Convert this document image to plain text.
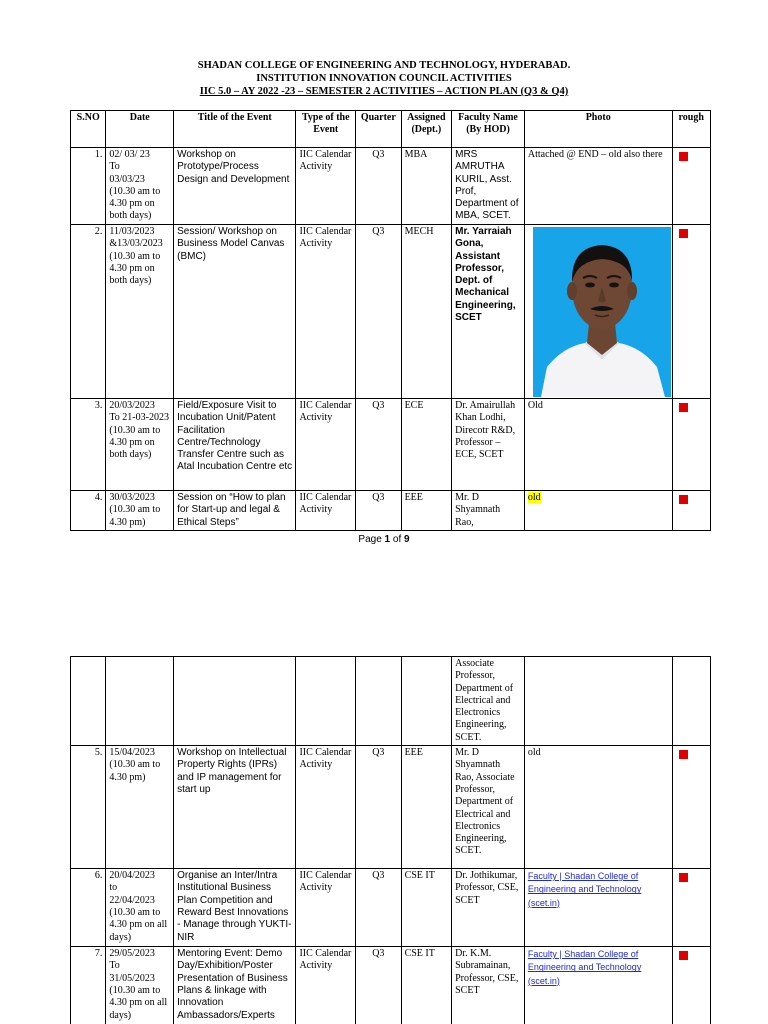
SHADAN COLLEGE OF ENGINEERING AND TECHNOLOGY, HYDERABAD.
INSTITUTION INNOVATION COUNCIL ACTIVITIES
IIC 5.0 – AY 2022 -23 – SEMESTER 2 ACTIVITIES – ACTION PLAN (Q3 & Q4)
S.NO	Date	Title of the Event	Type of the Event	Quarter	Assigned (Dept.)	Faculty Name (By HOD)	Photo	rough
1.	02/ 03/ 23
To
03/03/23
(10.30 am to 4.30 pm on both days)	Workshop on Prototype/Process Design and Development	IIC Calendar Activity	Q3	MBA	MRS AMRUTHA KURIL, Asst. Prof, Department of MBA, SCET.	Attached @ END – old also there	
2.	11/03/2023 &13/03/2023
(10.30 am to 4.30 pm on both days)	Session/ Workshop on Business Model Canvas (BMC)	IIC Calendar Activity	Q3	MECH	Mr. Yarraiah Gona, Assistant Professor, Dept. of Mechanical Engineering, SCET	

3.	20/03/2023
To 21-03-2023
(10.30 am to 4.30 pm on both days)	Field/Exposure Visit to Incubation Unit/Patent Facilitation Centre/Technology Transfer Centre such as Atal Incubation Centre etc	IIC Calendar Activity	Q3	ECE	Dr. Amairullah Khan Lodhi, Direcotr R&D, Professor – ECE, SCET	Old	
4.	30/03/2023
(10.30 am to 4.30 pm)	Session on “How to plan for Start-up and legal & Ethical Steps”	IIC Calendar Activity	Q3	EEE	Mr. D Shyamnath Rao,	old	
Page 1 of 9
						Associate Professor, Department of Electrical and Electronics Engineering, SCET.		
5.	15/04/2023
(10.30 am to 4.30 pm)	Workshop on Intellectual Property Rights (IPRs) and IP management for start up	IIC Calendar Activity	Q3	EEE	Mr. D Shyamnath Rao, Associate Professor, Department of Electrical and Electronics Engineering, SCET.	old	
6.	20/04/2023
to
22/04/2023
(10.30 am to 4.30 pm on all days)	Organise an Inter/Intra Institutional Business Plan Competition and Reward Best Innovations - Manage through YUKTI-NIR	IIC Calendar Activity	Q3	CSE IT	Dr. Jothikumar, Professor, CSE, SCET	Faculty | Shadan College of Engineering and Technology (scet.in)	
7.	29/05/2023
To
31/05/2023
(10.30 am to 4.30 pm on all days)	Mentoring Event: Demo Day/Exhibition/Poster Presentation of Business Plans & linkage with Innovation Ambassadors/Experts	IIC Calendar Activity	Q3	CSE IT	Dr. K.M. Subramainan, Professor, CSE, SCET	Faculty | Shadan College of Engineering and Technology (scet.in)	
